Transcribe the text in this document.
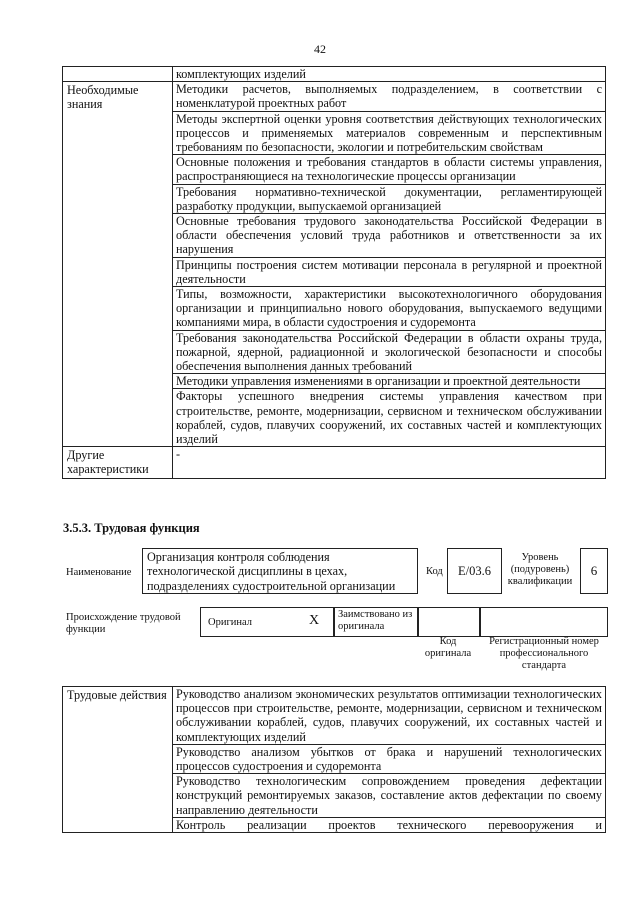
42
	комплектующих изделий
Необходимые знания	Методики расчетов, выполняемых подразделением, в соответствии с номенклатурой проектных работ
	Методы экспертной оценки уровня соответствия действующих технологических процессов и применяемых материалов современным и перспективным требованиям по безопасности, экологии и потребительским свойствам
	Основные положения и требования стандартов в области системы управления, распространяющиеся на технологические процессы организации
	Требования нормативно-технической документации, регламентирующей разработку продукции, выпускаемой организацией
	Основные требования трудового законодательства Российской Федерации в области обеспечения условий труда работников и ответственности за их нарушения
	Принципы построения систем мотивации персонала в регулярной и проектной деятельности
	Типы, возможности, характеристики высокотехнологичного оборудования организации и принципиально нового оборудования, выпускаемого ведущими компаниями мира, в области судостроения и судоремонта
	Требования законодательства Российской Федерации в области охраны труда, пожарной, ядерной, радиационной и экологической безопасности и способы обеспечения выполнения данных требований
	Методики управления изменениями в организации и проектной деятельности
	Факторы успешного внедрения системы управления качеством при строительстве, ремонте, модернизации, сервисном и техническом обслуживании кораблей, судов, плавучих сооружений, их составных частей и комплектующих изделий
Другие характеристики	-
3.5.3. Трудовая функция
Наименование
Организация контроля соблюдения технологической дисциплины в цехах, подразделениях судостроительной организации
Код	E/03.6
Уровень (подуровень) квалификации
6
Происхождение трудовой функции
Оригинал	X	Заимствовано из оригинала
Код оригинала
Регистрационный номер профессионального стандарта
Трудовые действия	Руководство анализом экономических результатов оптимизации технологических процессов при строительстве, ремонте, модернизации, сервисном и техническом обслуживании кораблей, судов, плавучих сооружений, их составных частей и комплектующих изделий
Руководство анализом убытков от брака и нарушений технологических процессов судостроения и судоремонта
Руководство технологическим сопровождением проведения дефектации конструкций ремонтируемых заказов, составление актов дефектации по своему направлению деятельности
Контроль реализации проектов технического перевооружения и
